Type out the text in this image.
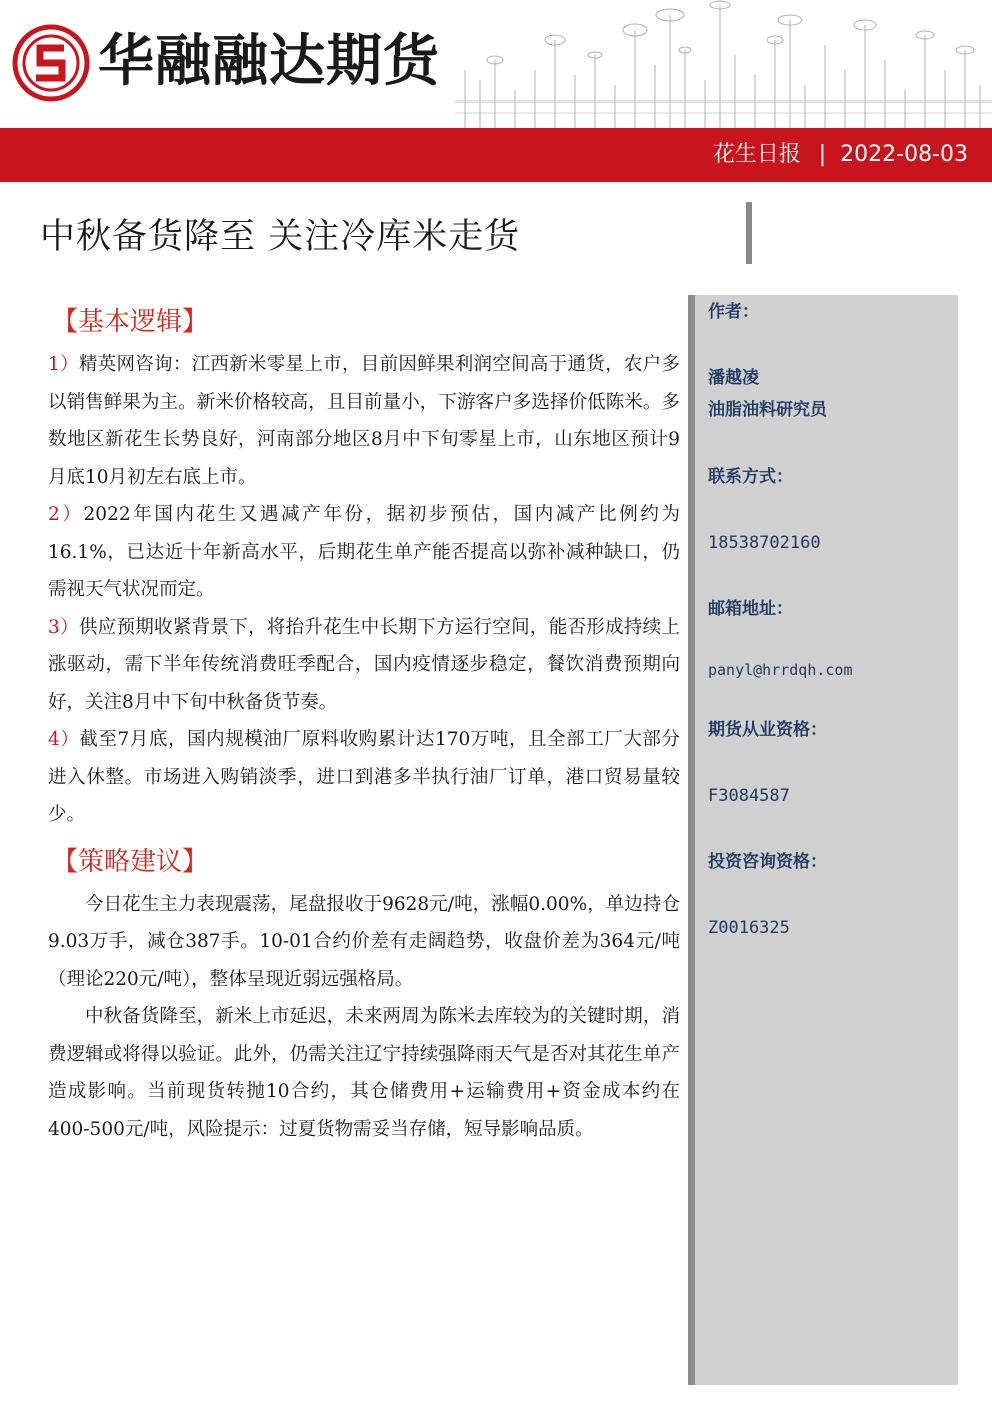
华融融达期货
花生日报 | 2022-08-03
中秋备货降至 关注冷库米走货
【基本逻辑】

1）精英网咨询：江西新米零星上市，目前因鲜果利润空间高于通货，农户多以销售鲜果为主。新米价格较高，且目前量小，下游客户多选择价低陈米。多数地区新花生长势良好，河南部分地区8月中下旬零星上市，山东地区预计9月底10月初左右底上市。

2）2022年国内花生又遇减产年份，据初步预估，国内减产比例约为16.1%，已达近十年新高水平，后期花生单产能否提高以弥补减种缺口，仍需视天气状况而定。

3）供应预期收紧背景下，将抬升花生中长期下方运行空间，能否形成持续上涨驱动，需下半年传统消费旺季配合，国内疫情逐步稳定，餐饮消费预期向好，关注8月中下旬中秋备货节奏。

4）截至7月底，国内规模油厂原料收购累计达170万吨，且全部工厂大部分进入休整。市场进入购销淡季，进口到港多半执行油厂订单，港口贸易量较少。

【策略建议】

今日花生主力表现震荡，尾盘报收于9628元/吨，涨幅0.00%，单边持仓9.03万手，减仓387手。10-01合约价差有走阔趋势，收盘价差为364元/吨（理论220元/吨），整体呈现近弱远强格局。

中秋备货降至，新米上市延迟，未来两周为陈米去库较为的关键时期，消费逻辑或将得以验证。此外，仍需关注辽宁持续强降雨天气是否对其花生单产造成影响。当前现货转抛10合约，其仓储费用+运输费用+资金成本约在400-500元/吨，风险提示：过夏货物需妥当存储，短导影响品质。

作者：
潘越凌
油脂油料研究员
联系方式：
18538702160
邮箱地址：
panyl@hrrdqh.com
期货从业资格：
F3084587
投资咨询资格：
Z0016325
